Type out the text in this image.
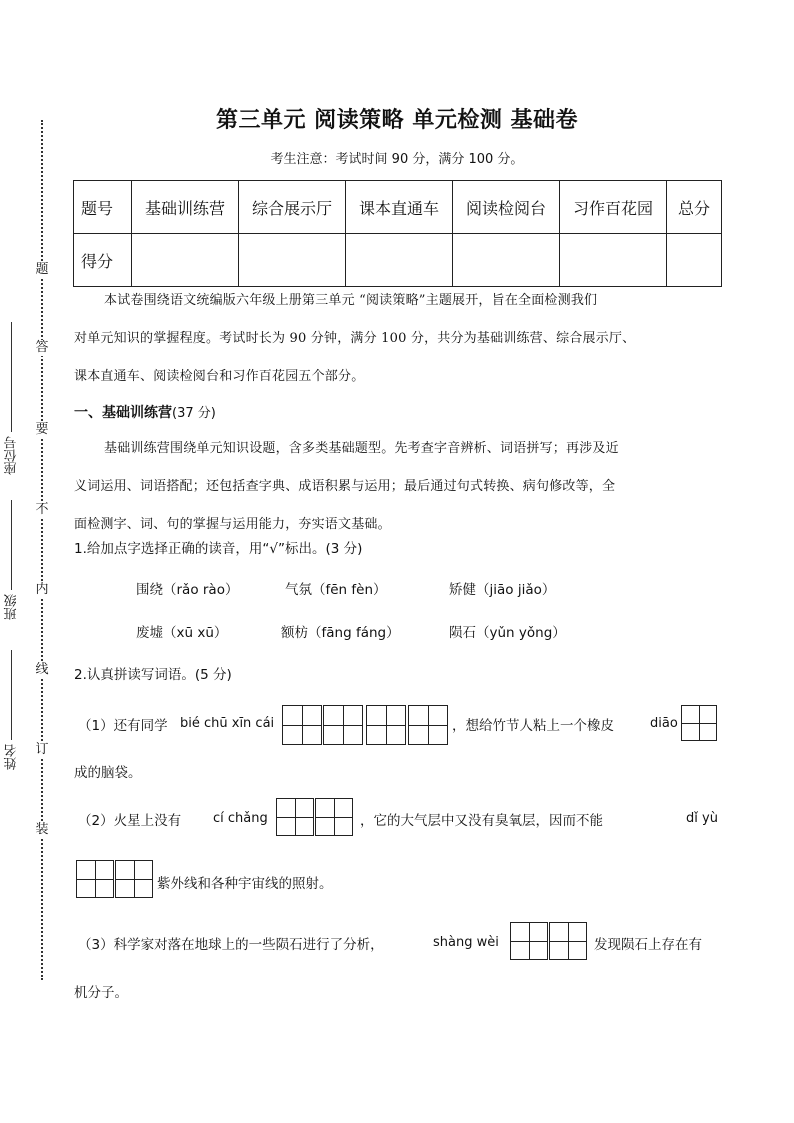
题
答
要
不
内
线
订
装
座位号
班级
姓名
第三单元 阅读策略 单元检测 基础卷
考生注意：考试时间 90 分，满分 100 分。
题号	基础训练营	综合展示厅	课本直通车	阅读检阅台	习作百花园	总分
得分						
本试卷围绕语文统编版六年级上册第三单元 “阅读策略”主题展开，旨在全面检测我们
对单元知识的掌握程度。考试时长为 90 分钟，满分 100 分，共分为基础训练营、综合展示厅、
课本直通车、阅读检阅台和习作百花园五个部分。
一、基础训练营(37 分)
基础训练营围绕单元知识设题，含多类基础题型。先考查字音辨析、词语拼写；再涉及近
义词运用、词语搭配；还包括查字典、成语积累与运用；最后通过句式转换、病句修改等，全
面检测字、词、句的掌握与运用能力，夯实语文基础。
1.给加点字选择正确的读音，用“√”标出。(3 分)
围绕（rǎo rào）	气氛（fēn fèn）	矫健（jiāo jiǎo）
废墟（xū xū）	额枋（fāng fáng）	陨石（yǔn yǒng）
2.认真拼读写词语。(5 分)
（1）还有同学 bié chū xīn cái	，想给竹节人粘上一个橡皮	diāo
成的脑袋。
（2）火星上没有 cí chǎng	，它的大气层中又没有臭氧层，因而不能	dǐ yù
紫外线和各种宇宙线的照射。
（3）科学家对落在地球上的一些陨石进行了分析，	shàng wèi	发现陨石上存在有
机分子。
